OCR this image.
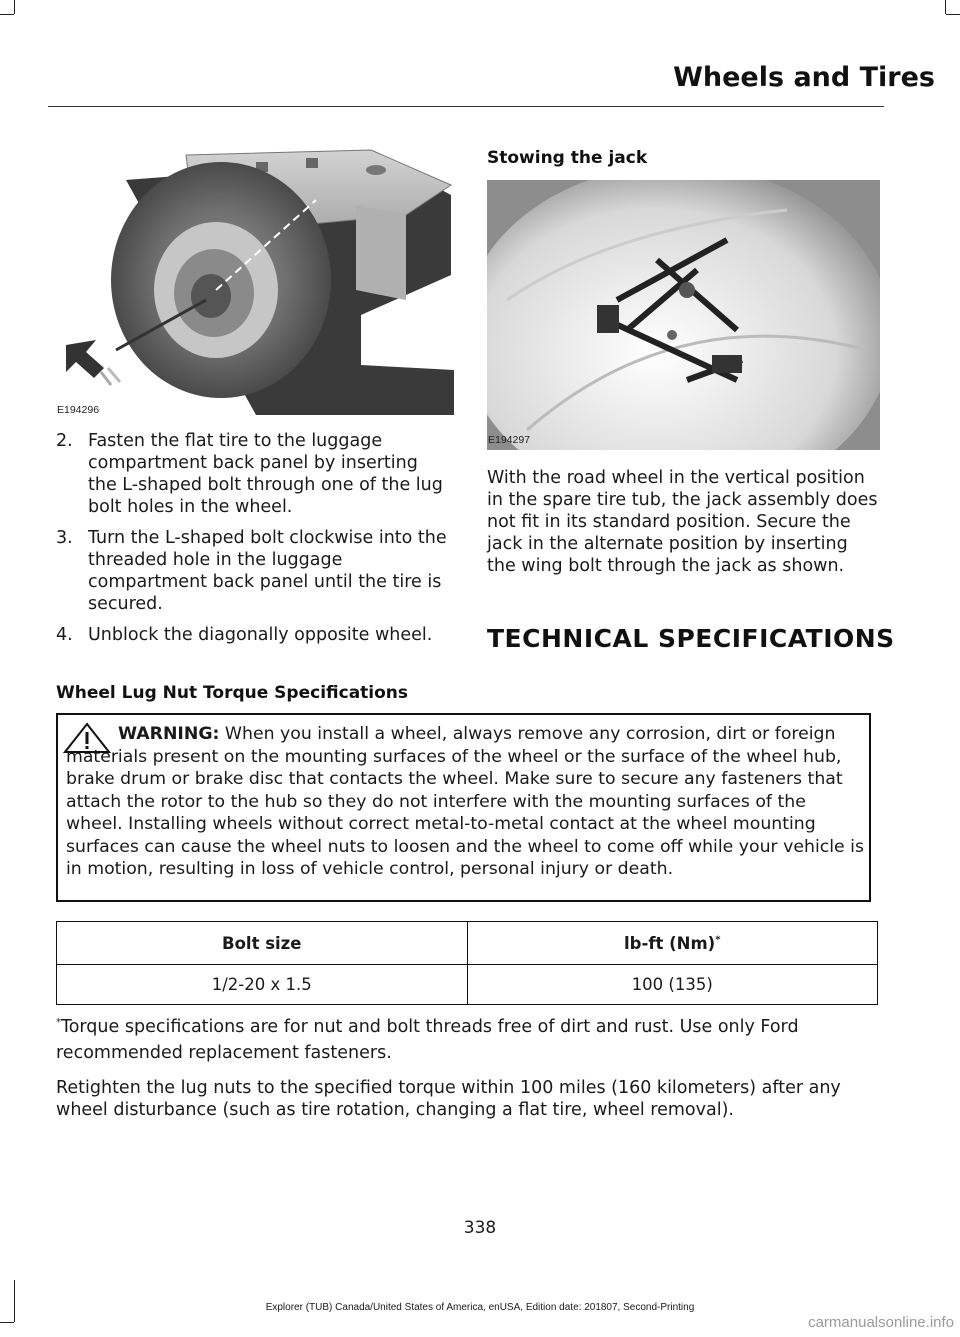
Wheels and Tires
E194296
2. Fasten the flat tire to the luggage compartment back panel by inserting the L-shaped bolt through one of the lug bolt holes in the wheel.
3. Turn the L-shaped bolt clockwise into the threaded hole in the luggage compartment back panel until the tire is secured.
4. Unblock the diagonally opposite wheel.
Stowing the jack
E194297
With the road wheel in the vertical position in the spare tire tub, the jack assembly does not fit in its standard position. Secure the jack in the alternate position by inserting the wing bolt through the jack as shown.
TECHNICAL SPECIFICATIONS
Wheel Lug Nut Torque Specifications
WARNING: When you install a wheel, always remove any corrosion, dirt or foreign materials present on the mounting surfaces of the wheel or the surface of the wheel hub, brake drum or brake disc that contacts the wheel. Make sure to secure any fasteners that attach the rotor to the hub so they do not interfere with the mounting surfaces of the wheel. Installing wheels without correct metal-to-metal contact at the wheel mounting surfaces can cause the wheel nuts to loosen and the wheel to come off while your vehicle is in motion, resulting in loss of vehicle control, personal injury or death.
Bolt size	lb-ft (Nm)*
1/2-20 x 1.5	100 (135)
*Torque specifications are for nut and bolt threads free of dirt and rust. Use only Ford recommended replacement fasteners.
Retighten the lug nuts to the specified torque within 100 miles (160 kilometers) after any wheel disturbance (such as tire rotation, changing a flat tire, wheel removal).
338
Explorer (TUB) Canada/United States of America, enUSA, Edition date: 201807, Second-Printing
carmanualsonline.info
